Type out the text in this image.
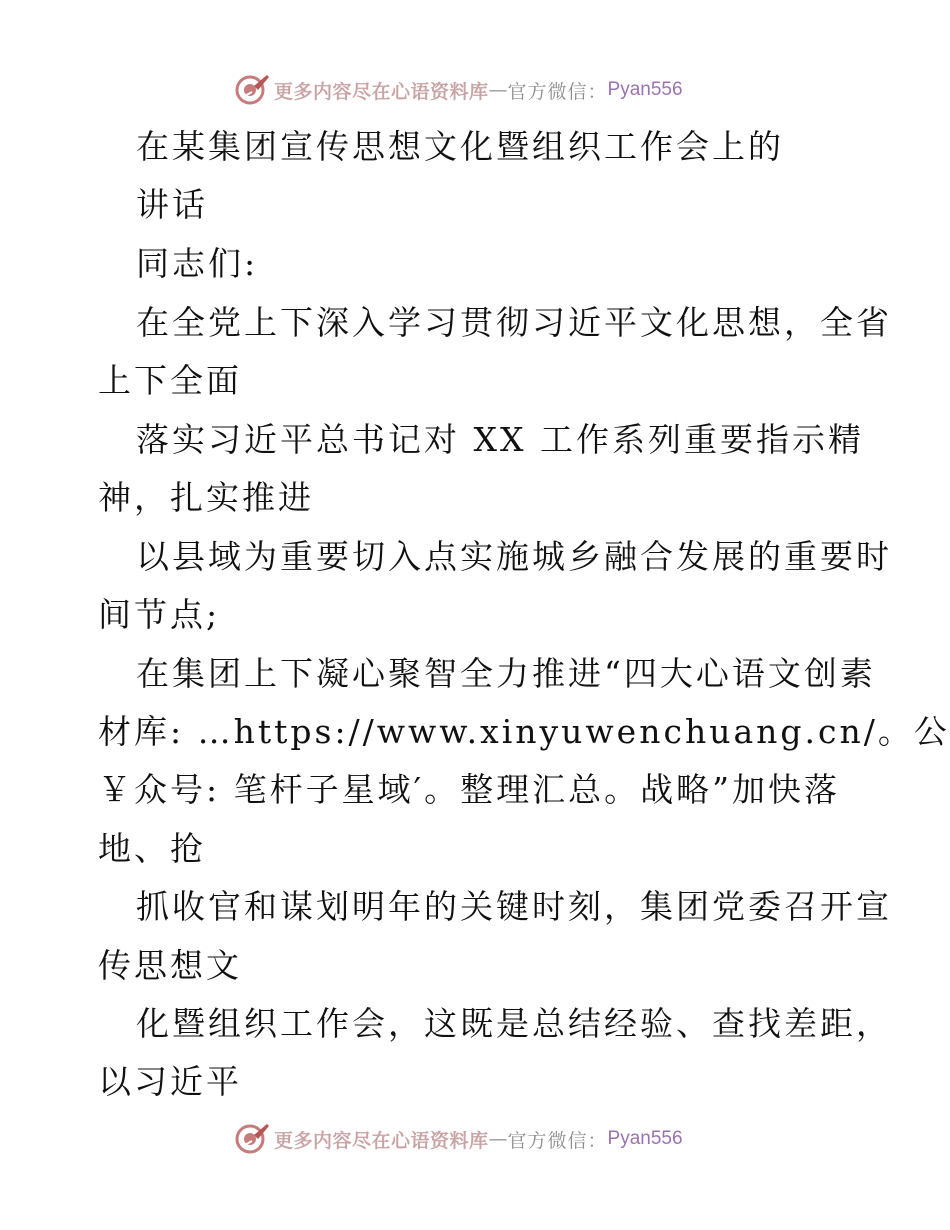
更多内容尽在心语资料库 — 官方微信： Pyan556
在某集团宣传思想文化暨组织工作会上的
讲话
同志们:
在全党上下深入学习贯彻习近平文化思想，全省
上下全面
落实习近平总书记对 XX 工作系列重要指示精
神，扎实推进
以县域为重要切入点实施城乡融合发展的重要时
间节点;
在集团上下凝心聚智全力推进“四大心语文创素
材库: …https://www.xinyuwenchuang.cn/。公
￥众号: 笔杆子星域′。整理汇总。战略”加快落
地、抢
抓收官和谋划明年的关键时刻，集团党委召开宣
传思想文
化暨组织工作会，这既是总结经验、查找差距，
以习近平
更多内容尽在心语资料库 — 官方微信： Pyan556
